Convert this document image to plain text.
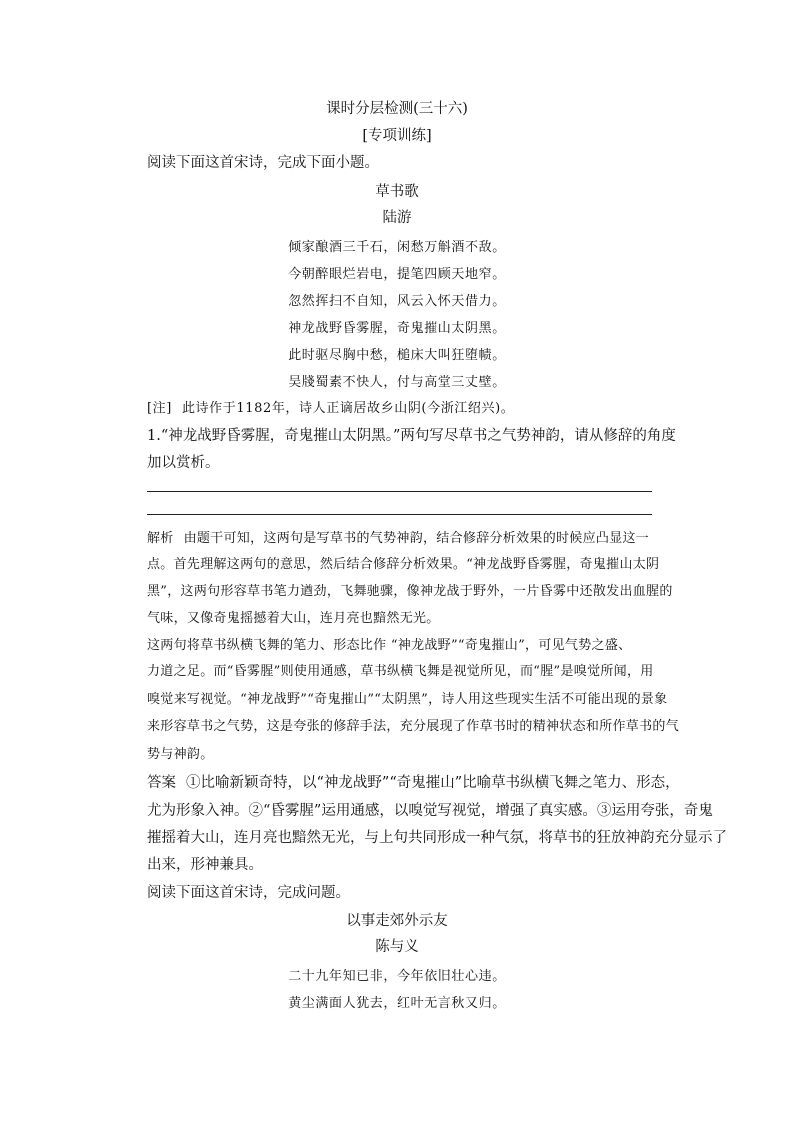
课时分层检测(三十六)
[专项训练]
阅读下面这首宋诗，完成下面小题。
草书歌
陆游
倾家酿酒三千石，闲愁万斛酒不敌。
今朝醉眼烂岩电，提笔四顾天地窄。
忽然挥扫不自知，风云入怀天借力。
神龙战野昏雾腥，奇鬼摧山太阴黑。
此时驱尽胸中愁，槌床大叫狂堕帻。
吴牋蜀素不快人，付与高堂三丈壁。
[注] 此诗作于1182年，诗人正谪居故乡山阴(今浙江绍兴)。
1.“神龙战野昏雾腥，奇鬼摧山太阴黑。”两句写尽草书之气势神韵，请从修辞的角度
加以赏析。
解析 由题干可知，这两句是写草书的气势神韵，结合修辞分析效果的时候应凸显这一
点。首先理解这两句的意思，然后结合修辞分析效果。“神龙战野昏雾腥，奇鬼摧山太阴
黑”，这两句形容草书笔力遒劲，飞舞驰骤，像神龙战于野外，一片昏雾中还散发出血腥的
气味，又像奇鬼摇撼着大山，连月亮也黯然无光。
这两句将草书纵横飞舞的笔力、形态比作 “神龙战野”“奇鬼摧山”，可见气势之盛、
力道之足。而“昏雾腥”则使用通感，草书纵横飞舞是视觉所见，而“腥”是嗅觉所闻，用
嗅觉来写视觉。“神龙战野”“奇鬼摧山”“太阴黑”，诗人用这些现实生活不可能出现的景象
来形容草书之气势，这是夸张的修辞手法，充分展现了作草书时的精神状态和所作草书的气
势与神韵。
答案 ①比喻新颖奇特，以“神龙战野”“奇鬼摧山”比喻草书纵横飞舞之笔力、形态，
尤为形象入神。②“昏雾腥”运用通感，以嗅觉写视觉，增强了真实感。③运用夸张，奇鬼
摧摇着大山，连月亮也黯然无光，与上句共同形成一种气氛，将草书的狂放神韵充分显示了
出来，形神兼具。
阅读下面这首宋诗，完成问题。
以事走郊外示友
陈与义
二十九年知已非，今年依旧壮心违。
黄尘满面人犹去，红叶无言秋又归。
